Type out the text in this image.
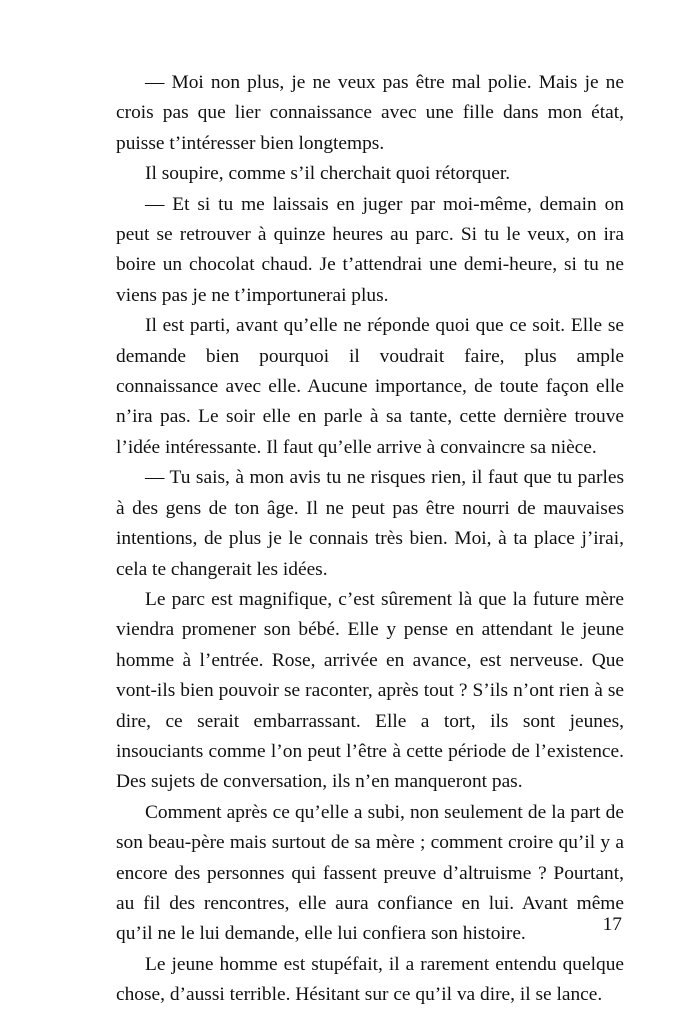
— Moi non plus, je ne veux pas être mal polie. Mais je ne crois pas que lier connaissance avec une fille dans mon état, puisse t’intéresser bien longtemps.

Il soupire, comme s’il cherchait quoi rétorquer.

— Et si tu me laissais en juger par moi-même, demain on peut se retrouver à quinze heures au parc. Si tu le veux, on ira boire un chocolat chaud. Je t’attendrai une demi-heure, si tu ne viens pas je ne t’importunerai plus.

Il est parti, avant qu’elle ne réponde quoi que ce soit. Elle se demande bien pourquoi il voudrait faire, plus ample connaissance avec elle. Aucune importance, de toute façon elle n’ira pas. Le soir elle en parle à sa tante, cette dernière trouve l’idée intéressante. Il faut qu’elle arrive à convaincre sa nièce.

— Tu sais, à mon avis tu ne risques rien, il faut que tu parles à des gens de ton âge. Il ne peut pas être nourri de mauvaises intentions, de plus je le connais très bien. Moi, à ta place j’irai, cela te changerait les idées.

Le parc est magnifique, c’est sûrement là que la future mère viendra promener son bébé. Elle y pense en attendant le jeune homme à l’entrée. Rose, arrivée en avance, est nerveuse. Que vont-ils bien pouvoir se raconter, après tout ? S’ils n’ont rien à se dire, ce serait embarrassant. Elle a tort, ils sont jeunes, insouciants comme l’on peut l’être à cette période de l’existence. Des sujets de conversation, ils n’en manqueront pas.

Comment après ce qu’elle a subi, non seulement de la part de son beau-père mais surtout de sa mère ; comment croire qu’il y a encore des personnes qui fassent preuve d’altruisme ? Pourtant, au fil des rencontres, elle aura confiance en lui. Avant même qu’il ne le lui demande, elle lui confiera son histoire.

Le jeune homme est stupéfait, il a rarement entendu quelque chose, d’aussi terrible. Hésitant sur ce qu’il va dire, il se lance.

17
